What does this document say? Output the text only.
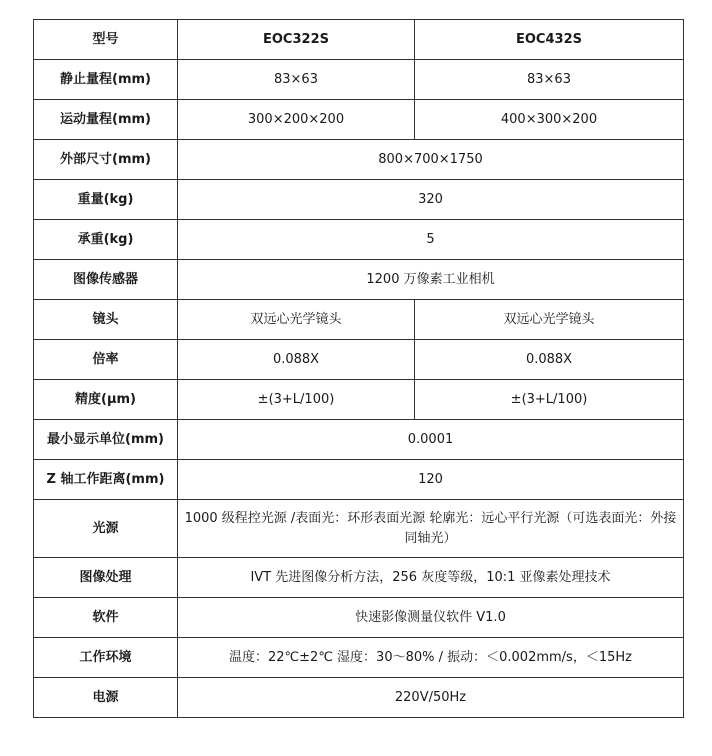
型号	EOC322S	EOC432S
静止量程(mm)	83×63	83×63
运动量程(mm)	300×200×200	400×300×200
外部尺寸(mm)	800×700×1750	
重量(kg)	320	
承重(kg)	5	
图像传感器	1200 万像素工业相机	
镜头	双远心光学镜头	双远心光学镜头
倍率	0.088X	0.088X
精度(μm)	±(3+L/100)	±(3+L/100)
最小显示单位(mm)	0.0001	
Z 轴工作距离(mm)	120	
光源	1000 级程控光源 /表面光：环形表面光源 轮廓光：远心平行光源（可选表面光：外接同轴光）	
图像处理	IVT 先进图像分析方法，256 灰度等级，10:1 亚像素处理技术	
软件	快速影像测量仪软件 V1.0	
工作环境	温度：22℃±2℃ 湿度：30～80% / 振动：＜0.002mm/s，＜15Hz	
电源	220V/50Hz	
